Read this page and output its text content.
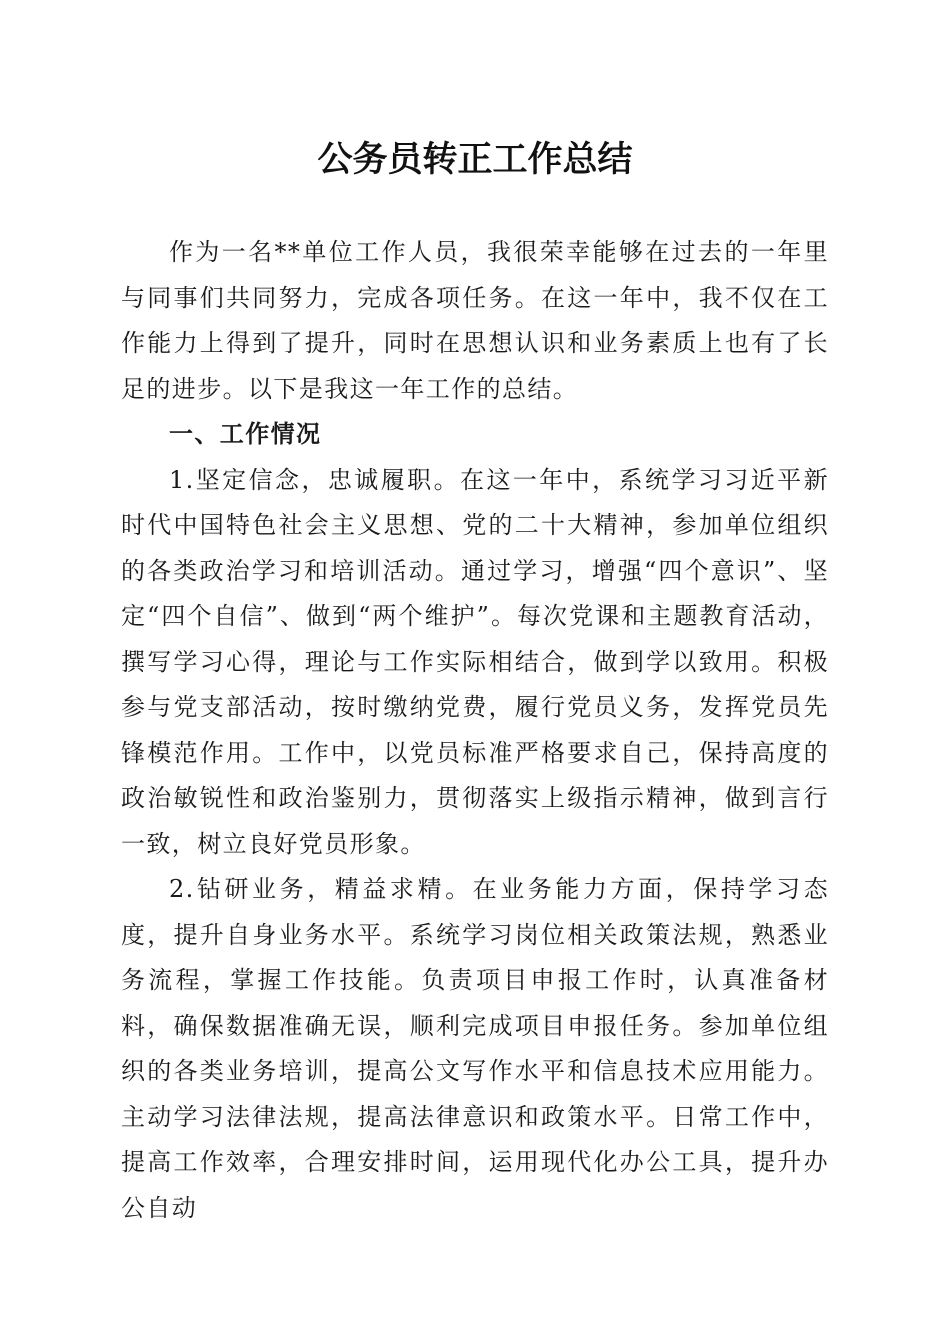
公务员转正工作总结

作为一名**单位工作人员，我很荣幸能够在过去的一年里与同事们共同努力，完成各项任务。在这一年中，我不仅在工作能力上得到了提升，同时在思想认识和业务素质上也有了长足的进步。以下是我这一年工作的总结。

一、工作情况

1.坚定信念，忠诚履职。在这一年中，系统学习习近平新时代中国特色社会主义思想、党的二十大精神，参加单位组织的各类政治学习和培训活动。通过学习，增强“四个意识”、坚定“四个自信”、做到“两个维护”。每次党课和主题教育活动，撰写学习心得，理论与工作实际相结合，做到学以致用。积极参与党支部活动，按时缴纳党费，履行党员义务，发挥党员先锋模范作用。工作中，以党员标准严格要求自己，保持高度的政治敏锐性和政治鉴别力，贯彻落实上级指示精神，做到言行一致，树立良好党员形象。

2.钻研业务，精益求精。在业务能力方面，保持学习态度，提升自身业务水平。系统学习岗位相关政策法规，熟悉业务流程，掌握工作技能。负责项目申报工作时，认真准备材料，确保数据准确无误，顺利完成项目申报任务。参加单位组织的各类业务培训，提高公文写作水平和信息技术应用能力。主动学习法律法规，提高法律意识和政策水平。日常工作中，提高工作效率，合理安排时间，运用现代化办公工具，提升办公自动
